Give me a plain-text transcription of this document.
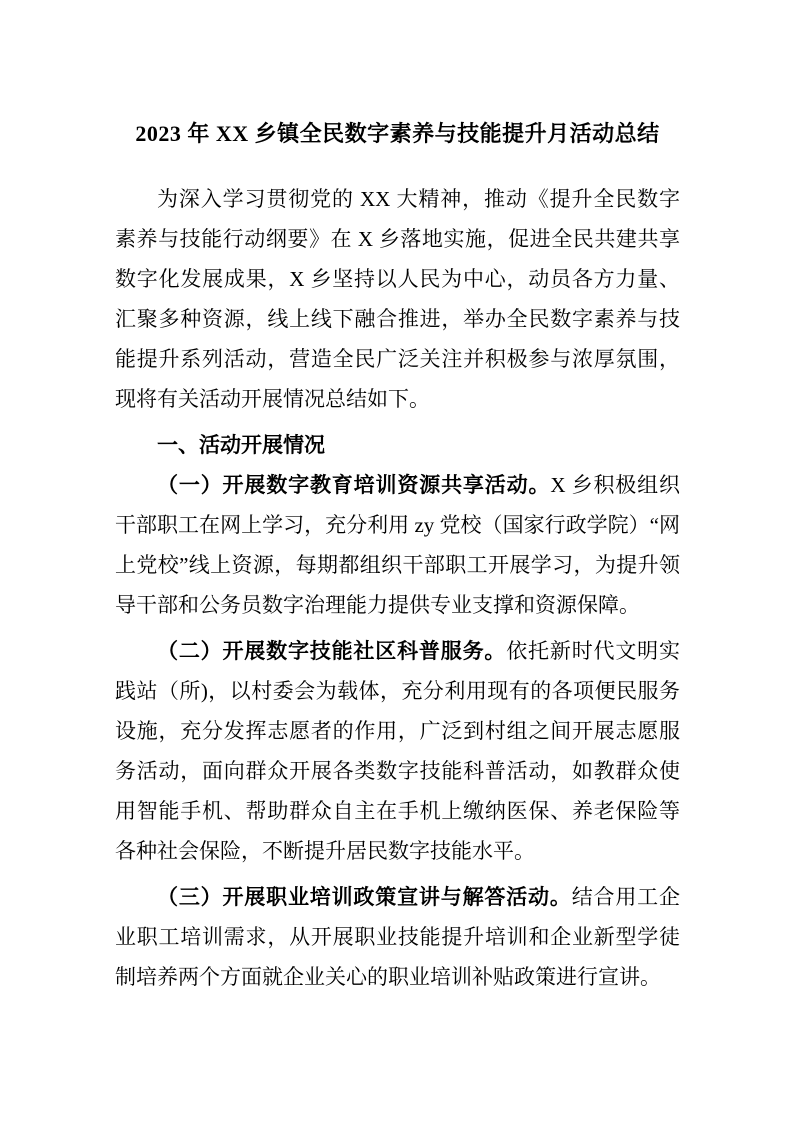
2023 年 XX 乡镇全民数字素养与技能提升月活动总结

为深入学习贯彻党的 XX 大精神，推动《提升全民数字素养与技能行动纲要》在 X 乡落地实施，促进全民共建共享数字化发展成果，X 乡坚持以人民为中心，动员各方力量、汇聚多种资源，线上线下融合推进，举办全民数字素养与技能提升系列活动，营造全民广泛关注并积极参与浓厚氛围，现将有关活动开展情况总结如下。

一、活动开展情况

（一）开展数字教育培训资源共享活动。X 乡积极组织干部职工在网上学习，充分利用 zy 党校（国家行政学院）“网上党校”线上资源，每期都组织干部职工开展学习，为提升领导干部和公务员数字治理能力提供专业支撑和资源保障。

（二）开展数字技能社区科普服务。依托新时代文明实践站（所)，以村委会为载体，充分利用现有的各项便民服务设施，充分发挥志愿者的作用，广泛到村组之间开展志愿服务活动，面向群众开展各类数字技能科普活动，如教群众使用智能手机、帮助群众自主在手机上缴纳医保、养老保险等各种社会保险，不断提升居民数字技能水平。

（三）开展职业培训政策宣讲与解答活动。结合用工企业职工培训需求，从开展职业技能提升培训和企业新型学徒制培养两个方面就企业关心的职业培训补贴政策进行宣讲。
